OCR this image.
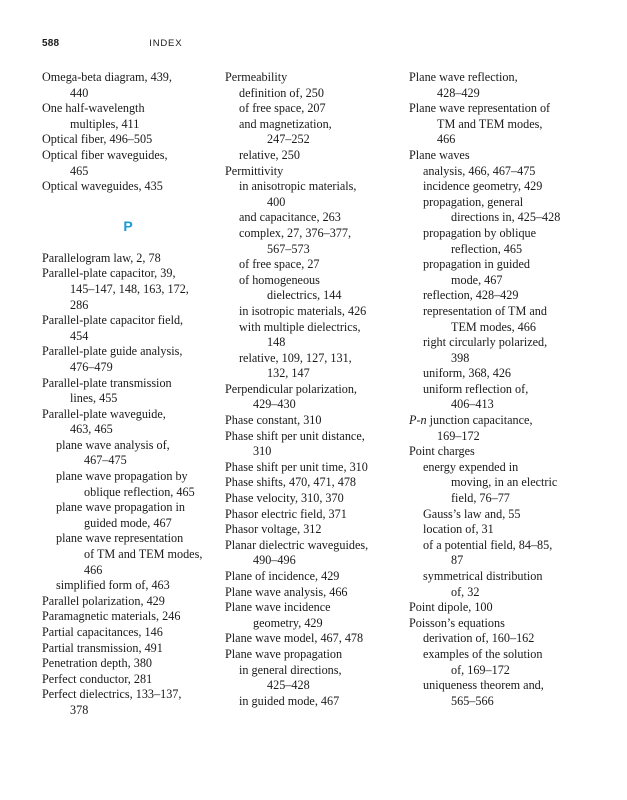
588	INDEX
Omega-beta diagram, 439,
440
One half-wavelength
multiples, 411
Optical fiber, 496–505
Optical fiber waveguides,
465
Optical waveguides, 435
P
Parallelogram law, 2, 78
Parallel-plate capacitor, 39,
145–147, 148, 163, 172,
286
Parallel-plate capacitor field,
454
Parallel-plate guide analysis,
476–479
Parallel-plate transmission
lines, 455
Parallel-plate waveguide,
463, 465
plane wave analysis of,
467–475
plane wave propagation by
oblique reflection, 465
plane wave propagation in
guided mode, 467
plane wave representation
of TM and TEM modes,
466
simplified form of, 463
Parallel polarization, 429
Paramagnetic materials, 246
Partial capacitances, 146
Partial transmission, 491
Penetration depth, 380
Perfect conductor, 281
Perfect dielectrics, 133–137,
378
Permeability
definition of, 250
of free space, 207
and magnetization,
247–252
relative, 250
Permittivity
in anisotropic materials,
400
and capacitance, 263
complex, 27, 376–377,
567–573
of free space, 27
of homogeneous
dielectrics, 144
in isotropic materials, 426
with multiple dielectrics,
148
relative, 109, 127, 131,
132, 147
Perpendicular polarization,
429–430
Phase constant, 310
Phase shift per unit distance,
310
Phase shift per unit time, 310
Phase shifts, 470, 471, 478
Phase velocity, 310, 370
Phasor electric field, 371
Phasor voltage, 312
Planar dielectric waveguides,
490–496
Plane of incidence, 429
Plane wave analysis, 466
Plane wave incidence
geometry, 429
Plane wave model, 467, 478
Plane wave propagation
in general directions,
425–428
in guided mode, 467
Plane wave reflection,
428–429
Plane wave representation of
TM and TEM modes,
466
Plane waves
analysis, 466, 467–475
incidence geometry, 429
propagation, general
directions in, 425–428
propagation by oblique
reflection, 465
propagation in guided
mode, 467
reflection, 428–429
representation of TM and
TEM modes, 466
right circularly polarized,
398
uniform, 368, 426
uniform reflection of,
406–413
P-n junction capacitance,
169–172
Point charges
energy expended in
moving, in an electric
field, 76–77
Gauss’s law and, 55
location of, 31
of a potential field, 84–85,
87
symmetrical distribution
of, 32
Point dipole, 100
Poisson’s equations
derivation of, 160–162
examples of the solution
of, 169–172
uniqueness theorem and,
565–566
